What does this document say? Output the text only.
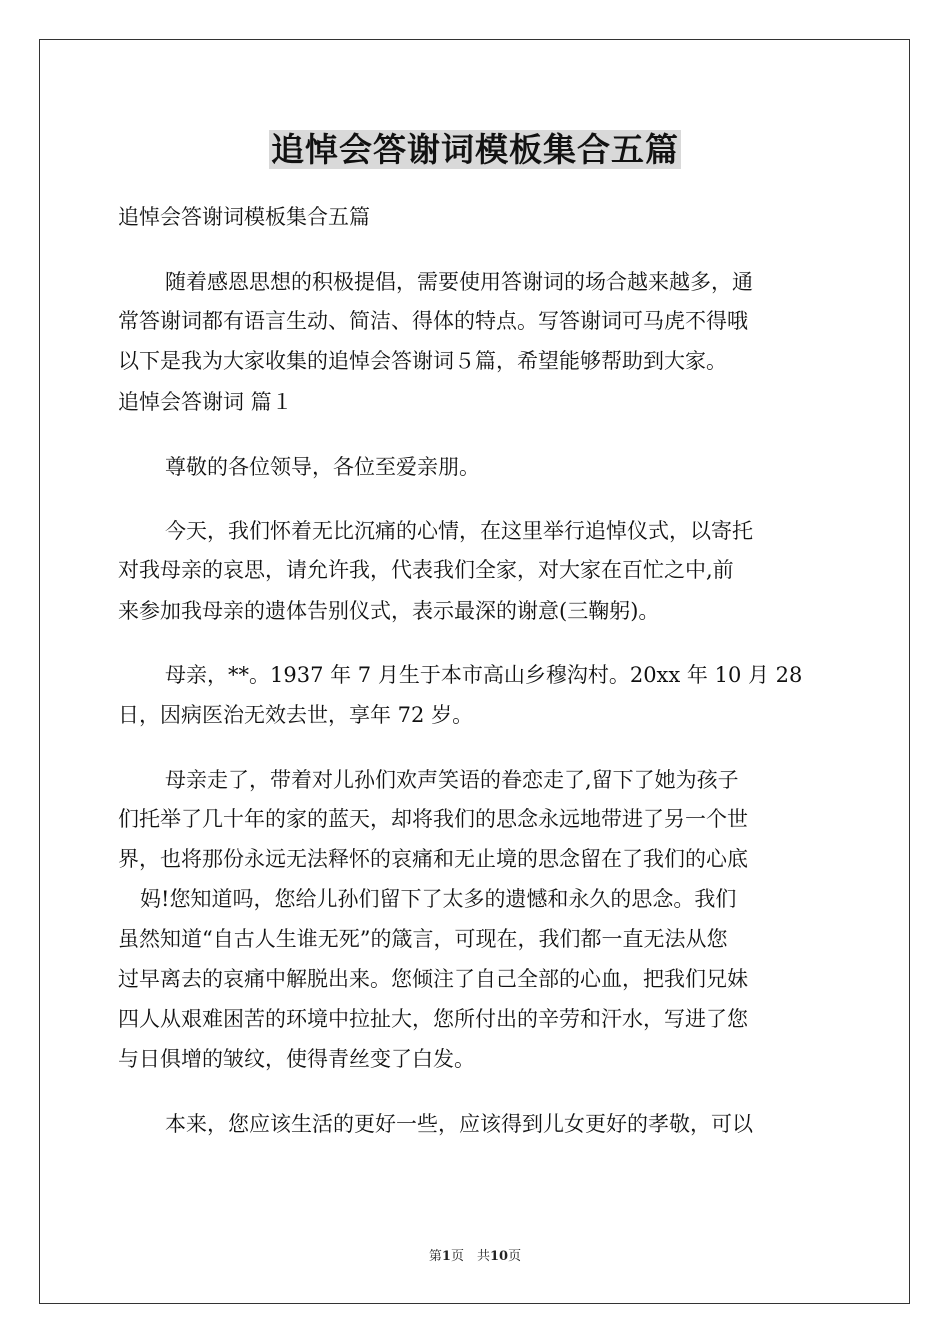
追悼会答谢词模板集合五篇

追悼会答谢词模板集合五篇

随着感恩思想的积极提倡，需要使用答谢词的场合越来越多，通

常答谢词都有语言生动、简洁、得体的特点。写答谢词可马虎不得哦

以下是我为大家收集的追悼会答谢词５篇，希望能够帮助到大家。

追悼会答谢词 篇１

尊敬的各位领导，各位至爱亲朋。

今天，我们怀着无比沉痛的心情，在这里举行追悼仪式，以寄托

对我母亲的哀思，请允许我，代表我们全家，对大家在百忙之中,前

来参加我母亲的遗体告别仪式，表示最深的谢意(三鞠躬)。

母亲，**。1937 年 7 月生于本市高山乡穆沟村。20xx 年 10 月 28

日，因病医治无效去世，享年 72 岁。

母亲走了，带着对儿孙们欢声笑语的眷恋走了,留下了她为孩子

们托举了几十年的家的蓝天，却将我们的思念永远地带进了另一个世

界，也将那份永远无法释怀的哀痛和无止境的思念留在了我们的心底

妈!您知道吗，您给儿孙们留下了太多的遗憾和永久的思念。我们

虽然知道“自古人生谁无死”的箴言，可现在，我们都一直无法从您

过早离去的哀痛中解脱出来。您倾注了自己全部的心血，把我们兄妹

四人从艰难困苦的环境中拉扯大，您所付出的辛劳和汗水，写进了您

与日俱增的皱纹，使得青丝变了白发。

本来，您应该生活的更好一些，应该得到儿女更好的孝敬，可以

第1页　共10页
